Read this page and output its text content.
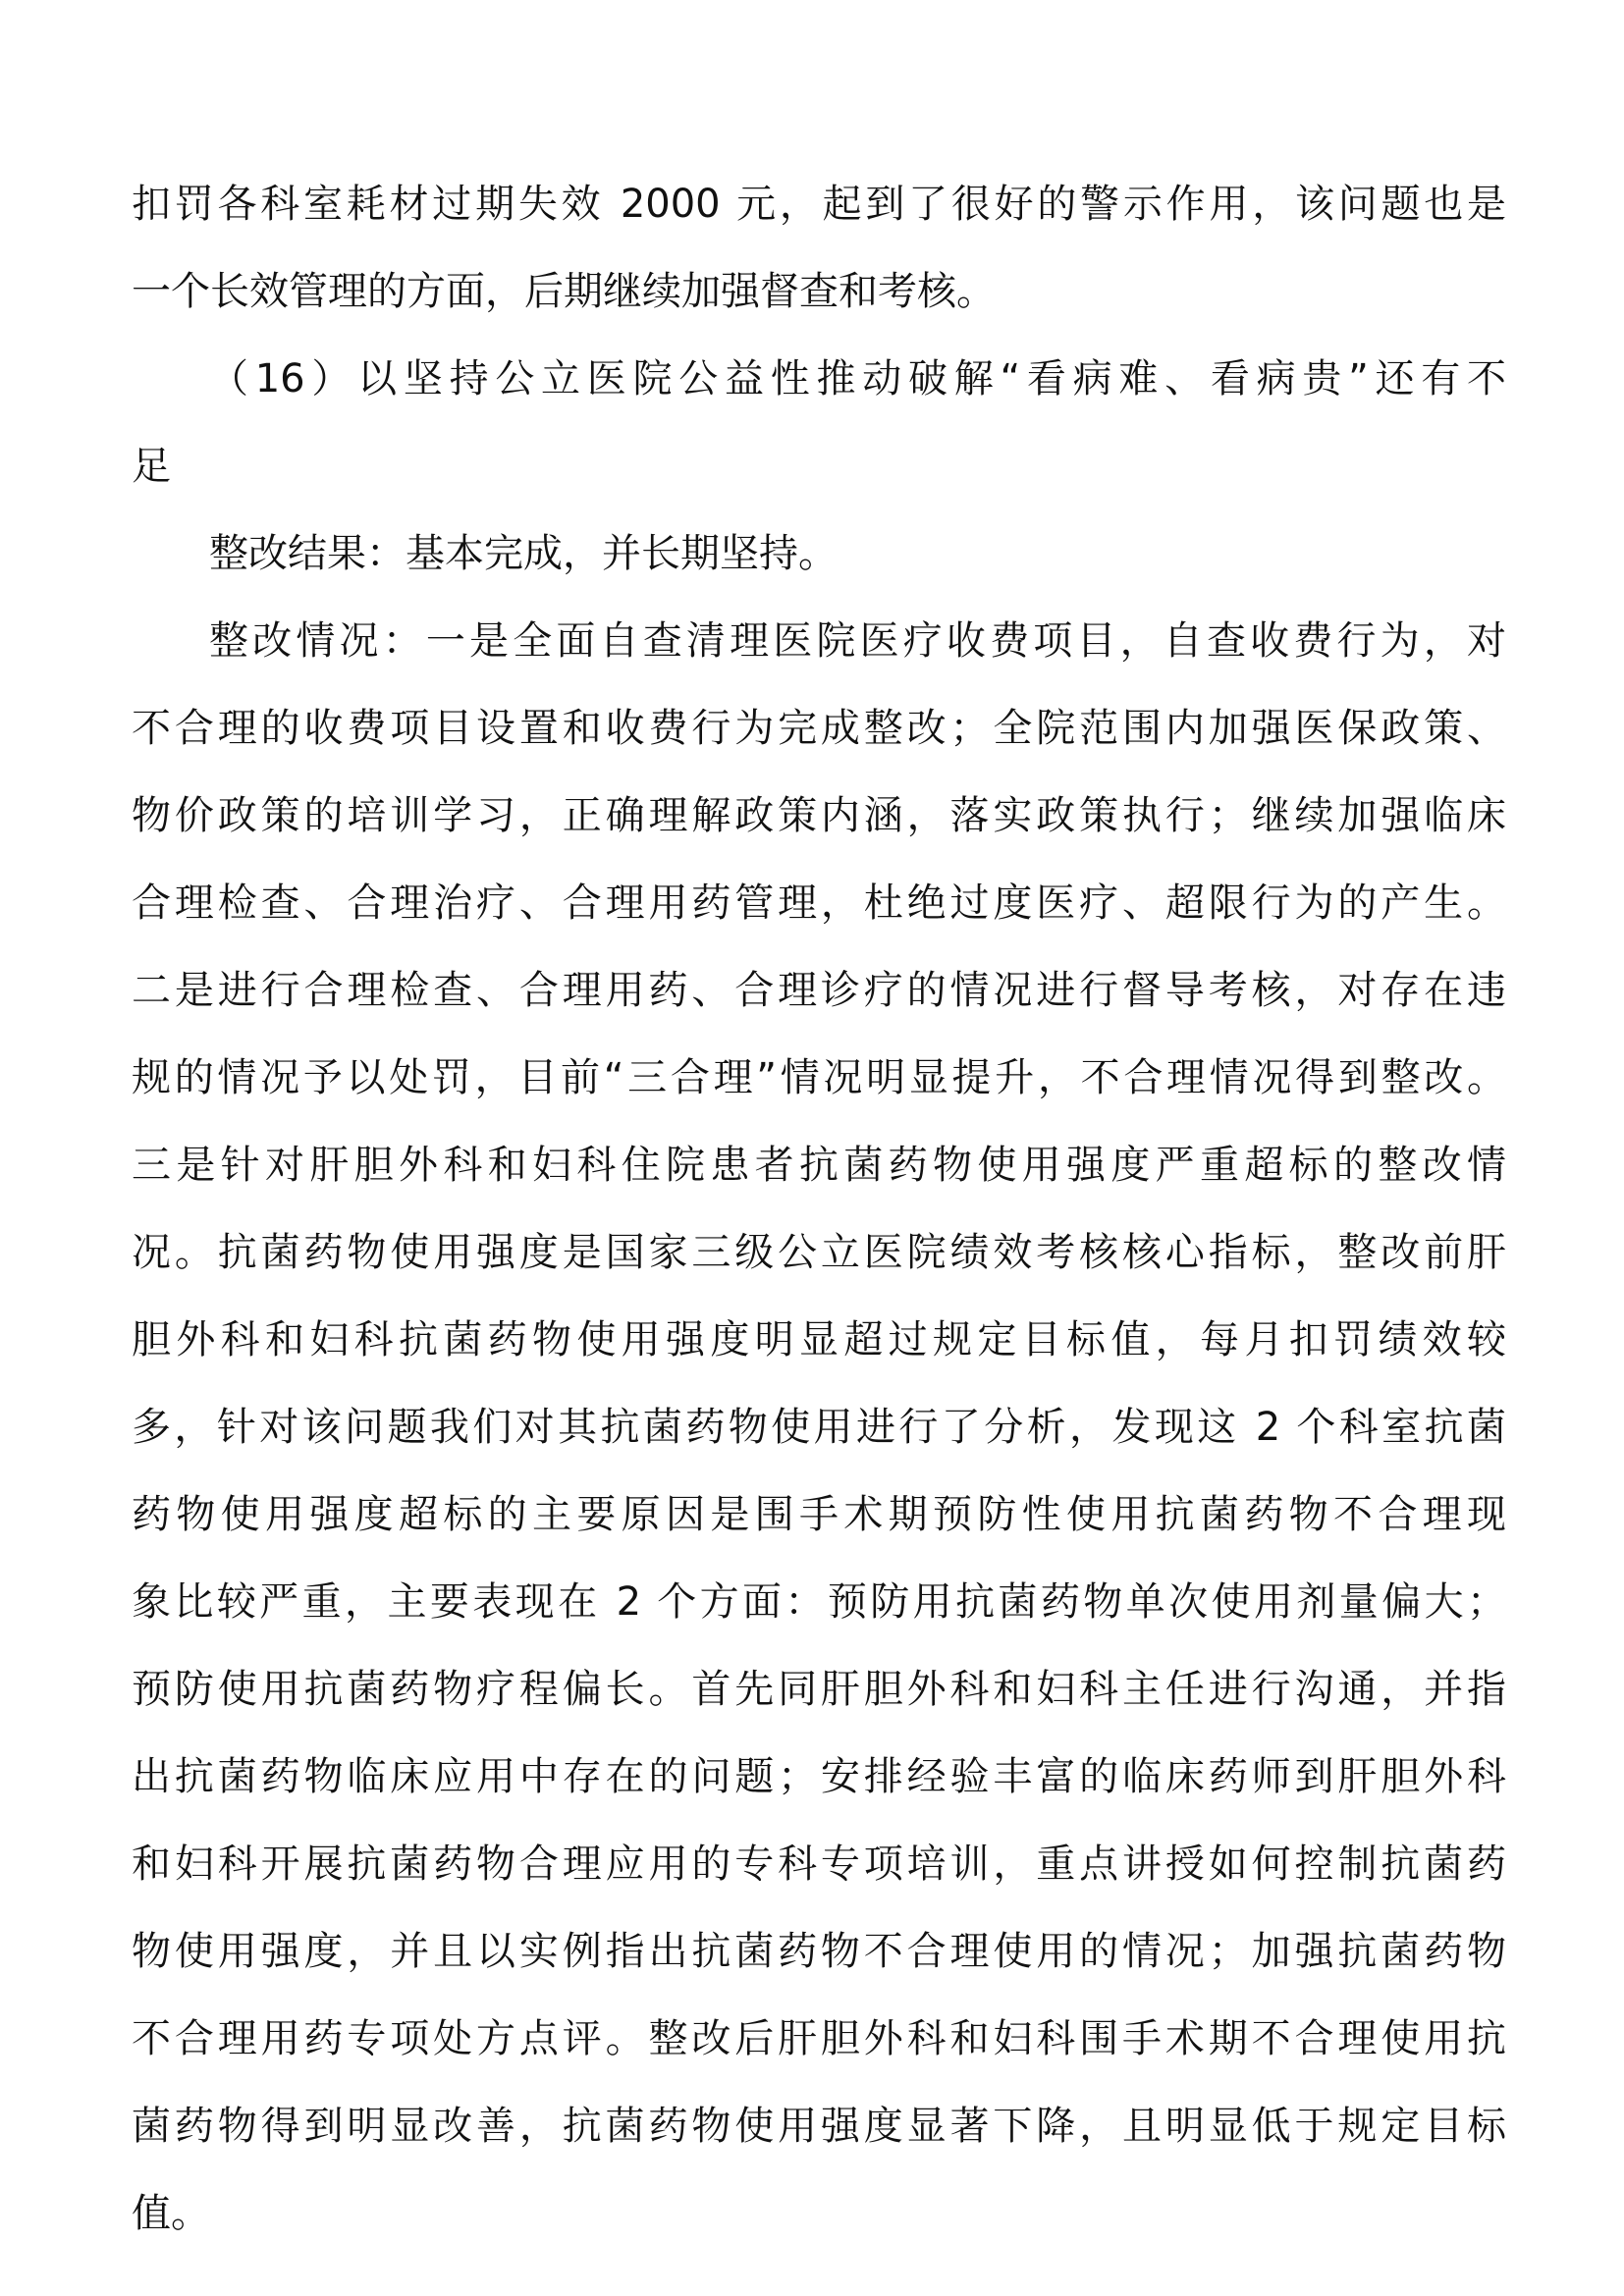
扣罚各科室耗材过期失效 2000 元，起到了很好的警示作用，该问题也是
一个长效管理的方面，后期继续加强督查和考核。
（16）以坚持公立医院公益性推动破解“看病难、看病贵”还有不
足
整改结果：基本完成，并长期坚持。
整改情况：一是全面自查清理医院医疗收费项目，自查收费行为，对
不合理的收费项目设置和收费行为完成整改；全院范围内加强医保政策、
物价政策的培训学习，正确理解政策内涵，落实政策执行；继续加强临床
合理检查、合理治疗、合理用药管理，杜绝过度医疗、超限行为的产生。
二是进行合理检查、合理用药、合理诊疗的情况进行督导考核，对存在违
规的情况予以处罚，目前“三合理”情况明显提升，不合理情况得到整改。
三是针对肝胆外科和妇科住院患者抗菌药物使用强度严重超标的整改情
况。抗菌药物使用强度是国家三级公立医院绩效考核核心指标，整改前肝
胆外科和妇科抗菌药物使用强度明显超过规定目标值，每月扣罚绩效较
多，针对该问题我们对其抗菌药物使用进行了分析，发现这 2 个科室抗菌
药物使用强度超标的主要原因是围手术期预防性使用抗菌药物不合理现
象比较严重，主要表现在 2 个方面：预防用抗菌药物单次使用剂量偏大；
预防使用抗菌药物疗程偏长。首先同肝胆外科和妇科主任进行沟通，并指
出抗菌药物临床应用中存在的问题；安排经验丰富的临床药师到肝胆外科
和妇科开展抗菌药物合理应用的专科专项培训，重点讲授如何控制抗菌药
物使用强度，并且以实例指出抗菌药物不合理使用的情况；加强抗菌药物
不合理用药专项处方点评。整改后肝胆外科和妇科围手术期不合理使用抗
菌药物得到明显改善，抗菌药物使用强度显著下降，且明显低于规定目标
值。
